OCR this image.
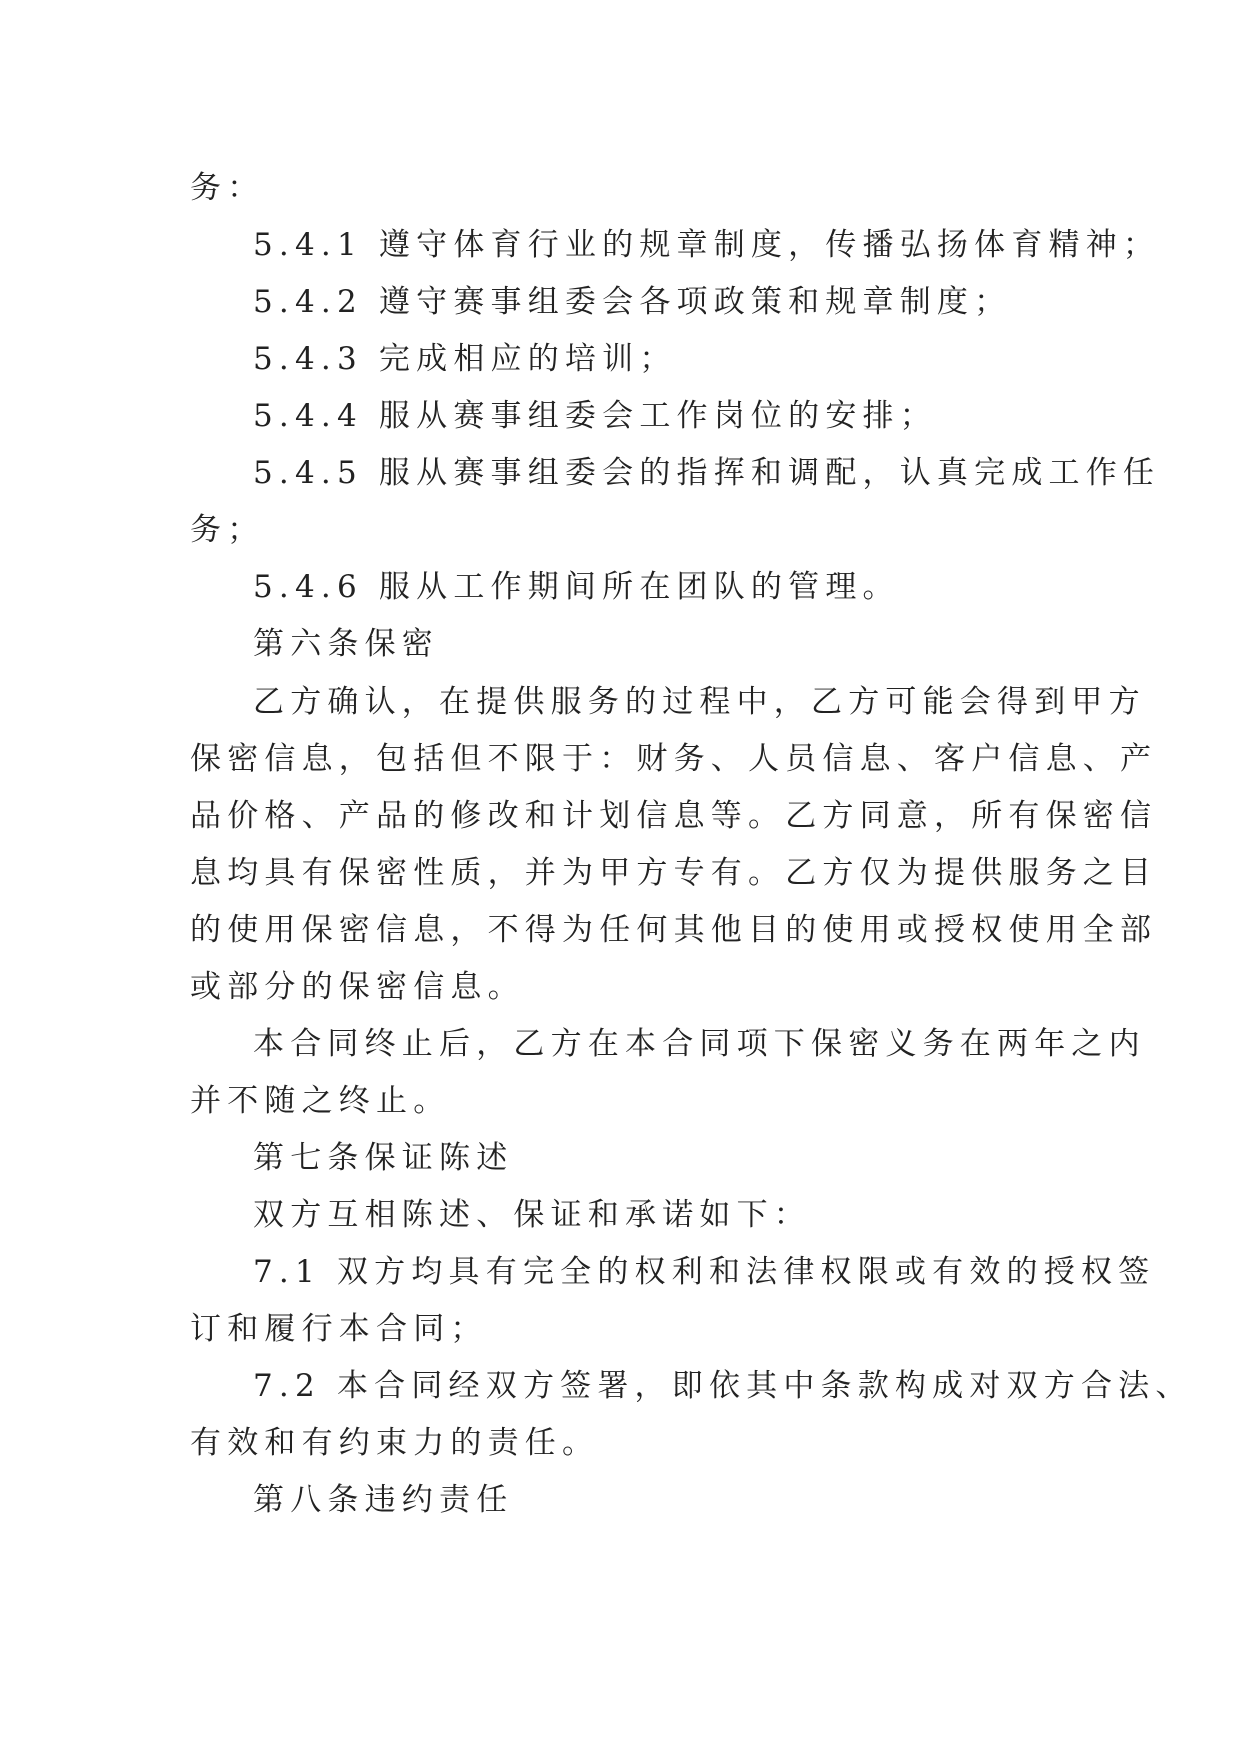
务：
5.4.1 遵守体育行业的规章制度，传播弘扬体育精神；
5.4.2 遵守赛事组委会各项政策和规章制度；
5.4.3 完成相应的培训；
5.4.4 服从赛事组委会工作岗位的安排；
5.4.5 服从赛事组委会的指挥和调配，认真完成工作任
务；
5.4.6 服从工作期间所在团队的管理。
第六条保密
乙方确认，在提供服务的过程中，乙方可能会得到甲方
保密信息，包括但不限于：财务、人员信息、客户信息、产
品价格、产品的修改和计划信息等。乙方同意，所有保密信
息均具有保密性质，并为甲方专有。乙方仅为提供服务之目
的使用保密信息，不得为任何其他目的使用或授权使用全部
或部分的保密信息。
本合同终止后，乙方在本合同项下保密义务在两年之内
并不随之终止。
第七条保证陈述
双方互相陈述、保证和承诺如下：
7.1 双方均具有完全的权利和法律权限或有效的授权签
订和履行本合同；
7.2 本合同经双方签署，即依其中条款构成对双方合法、
有效和有约束力的责任。
第八条违约责任
